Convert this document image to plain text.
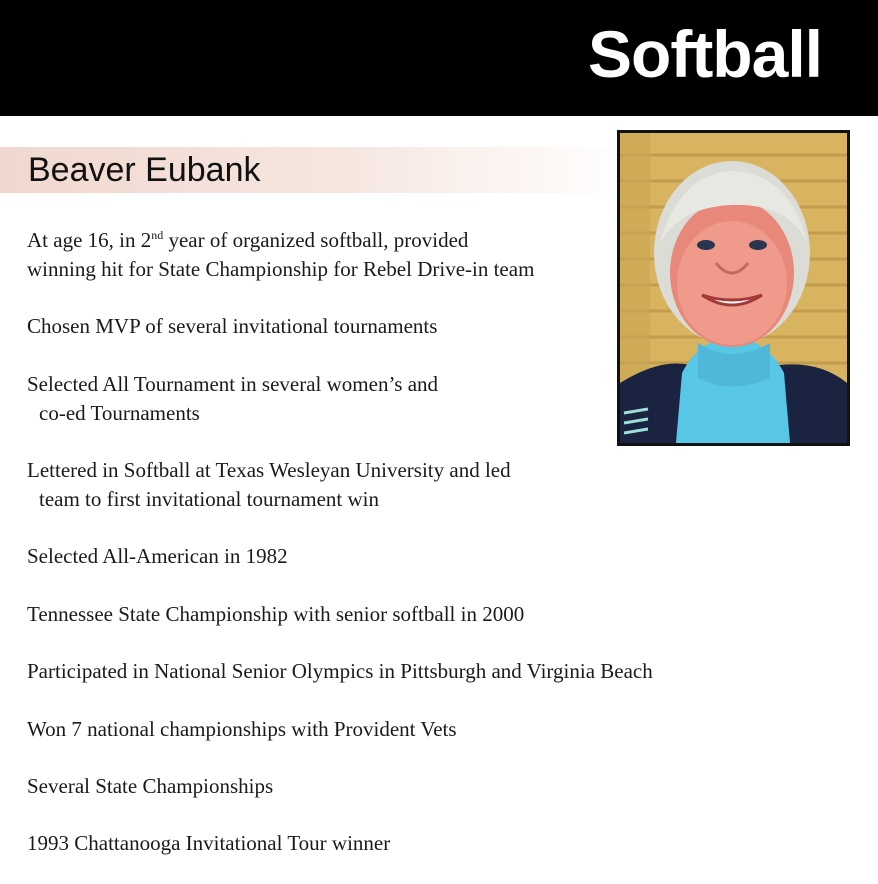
Softball
Beaver Eubank
At age 16, in 2nd year of organized softball, provided
winning hit for State Championship for Rebel Drive-in team
Chosen MVP of several invitational tournaments
Selected All Tournament in several women’s and
co-ed Tournaments
Lettered in Softball at Texas Wesleyan University and led
team to first invitational tournament win
Selected All-American in 1982
Tennessee State Championship with senior softball in 2000
Participated in National Senior Olympics in Pittsburgh and Virginia Beach
Won 7 national championships with Provident Vets
Several State Championships
1993 Chattanooga Invitational Tour winner
